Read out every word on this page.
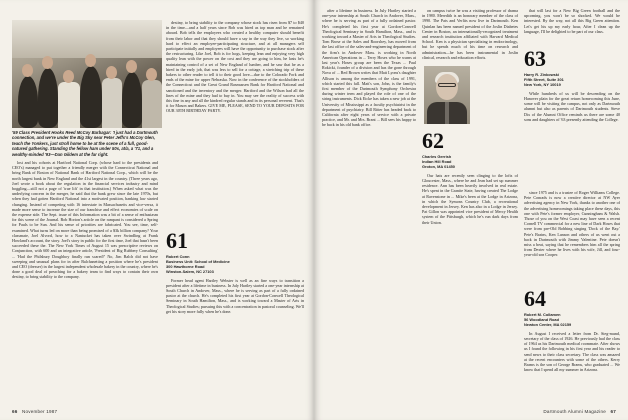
'59 Class President Hooks Reed McCoy Barbagar: 'I just had a Dartmouth connection, and we're under the Big Sky near Peter Jeffs's McCoy Glen, teach the Yonkers, just stroll home to be at the scene of a full, good-natured gathering. Standing the fellow ham under 50s, at/a, a '71, and a wealthy-minded '93—Dan Gildem at the far right.

lost and his cohorts at Hartford National Corp. (whose hard to the presidents and CEO's) managed to put together a friendly merger with the Connecticut National and bring Bank of Boston of National Bank of Hartford National Corp., which will be the north largest bank in New England and the 41st largest in the country. (Three years ago, Joel wrote a book about the regulation in the financial services industry and mind boggling—still not a page of 'true lift' in that institution.) When asked what was the underlying concern in the merger, he said that the bank grew since the late 1970s, but when they had gotten Hartford National into a motivated position, banking law started changing. Instead of competing with 16 interstate in Massachusetts and vice-versa, it made more sense to increase the size of our franchise and effect economies of scale on the expense side. The Sept. issue of this Information was a bit of a sense of enthusiasm for this scene of the Journal. Bob Horton's article on the rampant is considered a Spring for Pauls to be Sun. And his sense of priorities are fabricated. You see, time, self-examined. What turns led on more than being promised of a $3k billion company? Your classmate, Joel Alvord, how to a Nantucket has taken over Swindling at Frank Howland's account, the story. Joel's story in public for the first time, Joel that hasn't been succeeded these the. The New York Times of August 15 was prescriptive reviews on Conjunction, with 600 and an integrative article, 'President of Big Rubbery Consulting' ... 'Had the Philsbury Doughboy finally run scared?' No, Jim Balch did not have sweeping and unusual plans for in after Balchanetting a position where he's president and CEO (dresser) in the largest independent wholesale bakery in the country, where he's done a good deal of preaching for a bakery team to find ways to contain their own destiny, to bring stability to the company.

destiny, to bring stability to the company whose stock has risen from $7 to $40 in the time—and a half years since Bob was hired as top man and he remained aboard. Bob tells the employees who created a healthy computer should benefit from their labor and that they should have a say in the way they live, so working hard to effect an employee-participating structure, and at all managers self participate initially and employees will have the opportunity to purchase stock after the restructuring. Like Joel, Bob is for hogs, keeping lean and enjoying very high quality lean with the power on the cost and they are going to him, he lasts he's maintaining control of a set of New England of lumber, and he saw that he as a hired in the early job, that was less to sell for a cottage, a stretching trip of these bakers to other reader to tell it to their good love—due to the Colorado Fork and ends of the mine for upper Nebraska. Now in the conference of the stockholders of the Connecticut and the Great Grand Rasmussen Bank for Hartford National and sanctioned and the inventory and the merger. Hartford and the Wilson had all the lines of the mine and they had to buy in. You may see the reality of success with this fine in any and all the kindred regular stands and in its personal reverent. That's it for Mason and Bakers. GIVE ME, PLEASE, SEND TO YOUR DEPOSITS FOR OUR 30TH BIRTHDAY PARTY.

61
Robert Conn
Business Unit: School of Medicine
300 Hawthorne Road
Winston-Salem, NC 27103

Former head agent Hartley Webster is well as an fine ways to transition a president after a lifetime in business. In July Hartley started a one-year internship at South Church in Andover, Mass., where he is serving as part of a fully ordained pastor at the church. He's completed his first year at Gordon-Conwell Theological Seminary in South Hamilton, Mass., and is working toward a Master of Arts in Theological Studies; pursuing this with a concentration in pastoral counseling. We'll get his story more fully when he's done.

66 November 1987

after a lifetime in business. In July Hartley started a one-year internship at South Church in Andover, Mass., where he is serving as part of a fully ordained pastor. He's completed his first year at Gordon-Conwell Theological Seminary in South Hamilton, Mass., and is working toward a Master of Arts in Theological Studies. Tom Brose at the Sales and Roorshey, has moved from the last office of the sales-and-engineering department of the firm's in Andover Mass. is working in North American Operations in ... Terry Hoses who he warns at last year's Hoses group are been the Texas ... Paul Rokicki, founder of a division and has the gone through Nova of ... Red Brown writes that Matt Lyons's daughter Allison is among the members of the class of 1991, which started this fall. Matt's son, John, is the family's first member of the Dartmouth Symphony Orchestra during winter term and played the role of one of the string instruments. Dick Eicke has taken a new job at the University of Mississippi as a faculty psychiatrist in the department of psychiatry. Bill Ritter has headed back to California after eight years of service with a private practice, and Mr. and Mrs. Brant ... Bill sees his happy to be back in his old bank office.

on campus twice he was a visiting professor of drama in 1980. Meredith is an honorary member of the class of 1990. The Pats and Verlits now live in Dartmouth. Ken Quinlan has been named president of the Joslin Diabetes Center in Boston, an internationally-recognized treatment and research institution affiliated with Harvard Medical School. Ken is a physician specializing in endocrinology, but he spends much of his time on research and administration—he has been instrumental in Joslin clinical, research and education efforts.

62
Charles Gerrish
Indian Hill Road
Groton, MA 01450

Our hats are recently seen clinging to the lofts of Gloucester, Mass., where he and Jean had set up summer residence. Ann has been heavily involved in real estate. He's spent in the Granite State, having created The Lodge at Ravenstone in ... Mike's been at the Lodge in Arizona, in which the Symons Country Club, a recreational development in Jersey. Ken has also in a Lodge in Jersey. Pat Gillon was appointed vice president of Mercy Health system of the Pittsburgh, which he's run dark days from their Union.

that will last for a New Big Green football and the upcoming, you won't be so shocked. We would be interested. By the way, not all this Big Green attention. Let's get his up my early hour, After I clean up the language, I'll be delighted to be part of our class.

63
Harry R. Zinkowski
Fifth Street, Suite 301
New York, NY 10019

While hundreds of us will be descending on the Hanover plain for the great return homecoming this June, some will be visiting the campus, not only as Dartmouth alumni but also as parents of Dartmouth students. Steve Dix of the Alumni Office reminds us there are some 40 sons and daughters of '63 presently attending the College.

since 1975 and is a trustee of Roger Williams College. Pete Conrads is now a creative director at NW Ayer advertising agency in New York, thanks to another one of the advertising homecomings taking place these days, this one with Pete's former employer, Cunningham & Walsh. Those of you on the West Coast may have seen a recent Cornell TV commercial for a new line of Dark Hoses that were from pre-Old Bobbing singing 'Dock of the Bay.' Pete's Brains, Ken Lanson and others of us went out a back in Dartmouth with Jimmy Valentine. Pete doesn't miss a beat, saying that he remembers him all the spring from Dexter where he lives with his wife, Jill, and four-year-old son Cooper.

64
Robert M. Collamen
56 Woodland Road
Newton Center, MA 02159

In August I received a letter from Dr. Sieg-mund, secretary of the class of 1926. He previously had the class of 1964 as his Dartmouth medical roommate. After shows us I found the following in his first year and his reader to send news to their class secretary. The class was amazed at the recent encounters with some of the others. Kerry Brams is the son of George Brams, who graduated ... We know that I spend all my summer in Arizona.

Dartmouth Alumni Magazine 67
